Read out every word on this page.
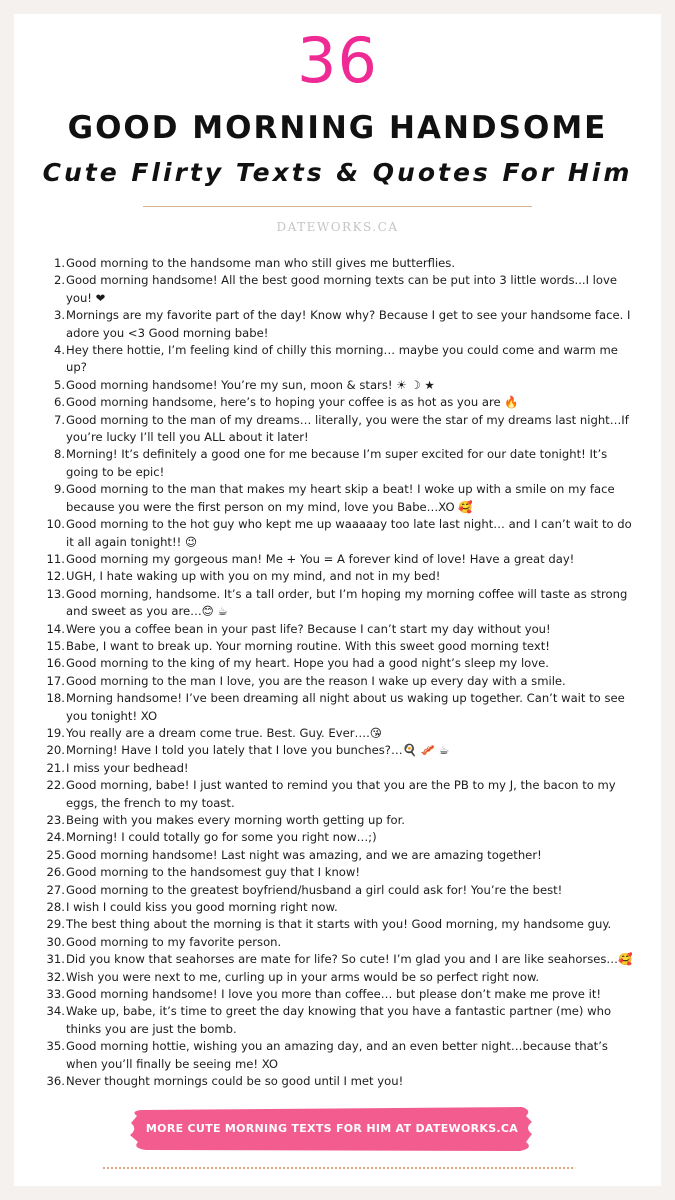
36
GOOD MORNING HANDSOME
Cute Flirty Texts & Quotes For Him
DATEWORKS.CA
1. Good morning to the handsome man who still gives me butterflies.
2. Good morning handsome! All the best good morning texts can be put into 3 little words...I love you! ❤
3. Mornings are my favorite part of the day! Know why? Because I get to see your handsome face. I adore you <3 Good morning babe!
4. Hey there hottie, I’m feeling kind of chilly this morning… maybe you could come and warm me up?
5. Good morning handsome! You’re my sun, moon & stars! ☀ ☽ ★
6. Good morning handsome, here’s to hoping your coffee is as hot as you are 🔥
7. Good morning to the man of my dreams… literally, you were the star of my dreams last night…If you’re lucky I’ll tell you ALL about it later!
8. Morning! It’s definitely a good one for me because I’m super excited for our date tonight! It’s going to be epic!
9. Good morning to the man that makes my heart skip a beat! I woke up with a smile on my face because you were the first person on my mind, love you Babe…XO 🥰
10. Good morning to the hot guy who kept me up waaaaay too late last night… and I can’t wait to do it all again tonight!! 😉
11. Good morning my gorgeous man! Me + You = A forever kind of love! Have a great day!
12. UGH, I hate waking up with you on my mind, and not in my bed!
13. Good morning, handsome. It’s a tall order, but I’m hoping my morning coffee will taste as strong and sweet as you are…😊 ☕
14. Were you a coffee bean in your past life? Because I can’t start my day without you!
15. Babe, I want to break up. Your morning routine. With this sweet good morning text!
16. Good morning to the king of my heart. Hope you had a good night’s sleep my love.
17. Good morning to the man I love, you are the reason I wake up every day with a smile.
18. Morning handsome! I’ve been dreaming all night about us waking up together. Can’t wait to see you tonight! XO
19. You really are a dream come true. Best. Guy. Ever….😘
20. Morning! Have I told you lately that I love you bunches?…🍳 🥓 ☕
21. I miss your bedhead!
22. Good morning, babe! I just wanted to remind you that you are the PB to my J, the bacon to my eggs, the french to my toast.
23. Being with you makes every morning worth getting up for.
24. Morning! I could totally go for some you right now…;)
25. Good morning handsome! Last night was amazing, and we are amazing together!
26. Good morning to the handsomest guy that I know!
27. Good morning to the greatest boyfriend/husband a girl could ask for! You’re the best!
28. I wish I could kiss you good morning right now.
29. The best thing about the morning is that it starts with you! Good morning, my handsome guy.
30. Good morning to my favorite person.
31. Did you know that seahorses are mate for life? So cute! I’m glad you and I are like seahorses…🥰
32. Wish you were next to me, curling up in your arms would be so perfect right now.
33. Good morning handsome! I love you more than coffee… but please don’t make me prove it!
34. Wake up, babe, it’s time to greet the day knowing that you have a fantastic partner (me) who thinks you are just the bomb.
35. Good morning hottie, wishing you an amazing day, and an even better night…because that’s when you’ll finally be seeing me! XO
36. Never thought mornings could be so good until I met you!
MORE CUTE MORNING TEXTS FOR HIM AT DATEWORKS.CA
